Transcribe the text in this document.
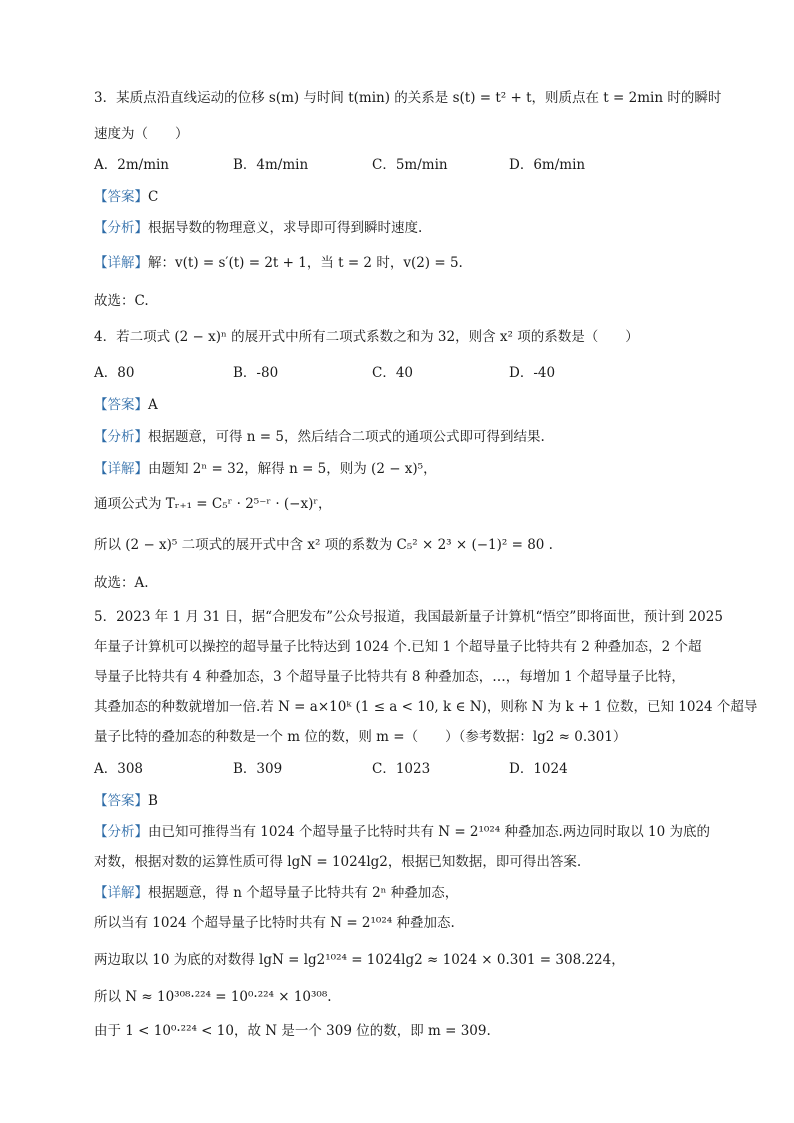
3．某质点沿直线运动的位移 s(m) 与时间 t(min) 的关系是 s(t) = t² + t，则质点在 t = 2min 时的瞬时
速度为（　　）
A．2m/min	B．4m/min	C．5m/min	D．6m/min
【答案】C
【分析】根据导数的物理意义，求导即可得到瞬时速度.
【详解】解：v(t) = s′(t) = 2t + 1，当 t = 2 时，v(2) = 5.
故选：C.
4．若二项式 (2 − x)ⁿ 的展开式中所有二项式系数之和为 32，则含 x² 项的系数是（　　）
A．80	B．-80	C．40	D．-40
【答案】A
【分析】根据题意，可得 n = 5，然后结合二项式的通项公式即可得到结果.
【详解】由题知 2ⁿ = 32，解得 n = 5，则为 (2 − x)⁵，
通项公式为 Tᵣ₊₁ = C₅ʳ · 2⁵⁻ʳ · (−x)ʳ，
所以 (2 − x)⁵ 二项式的展开式中含 x² 项的系数为 C₅² × 2³ × (−1)² = 80 .
故选：A.
5．2023 年 1 月 31 日，据“合肥发布”公众号报道，我国最新量子计算机“悟空”即将面世，预计到 2025
年量子计算机可以操控的超导量子比特达到 1024 个.已知 1 个超导量子比特共有 2 种叠加态，2 个超
导量子比特共有 4 种叠加态，3 个超导量子比特共有 8 种叠加态，…，每增加 1 个超导量子比特，
其叠加态的种数就增加一倍.若 N = a×10ᵏ (1 ≤ a < 10, k ∈ N)，则称 N 为 k + 1 位数，已知 1024 个超导
量子比特的叠加态的种数是一个 m 位的数，则 m =（　　）（参考数据：lg2 ≈ 0.301）
A．308	B．309	C．1023	D．1024
【答案】B
【分析】由已知可推得当有 1024 个超导量子比特时共有 N = 2¹⁰²⁴ 种叠加态.两边同时取以 10 为底的
对数，根据对数的运算性质可得 lgN = 1024lg2，根据已知数据，即可得出答案.
【详解】根据题意，得 n 个超导量子比特共有 2ⁿ 种叠加态，
所以当有 1024 个超导量子比特时共有 N = 2¹⁰²⁴ 种叠加态.
两边取以 10 为底的对数得 lgN = lg2¹⁰²⁴ = 1024lg2 ≈ 1024 × 0.301 = 308.224，
所以 N ≈ 10³⁰⁸·²²⁴ = 10⁰·²²⁴ × 10³⁰⁸.
由于 1 < 10⁰·²²⁴ < 10，故 N 是一个 309 位的数，即 m = 309.
